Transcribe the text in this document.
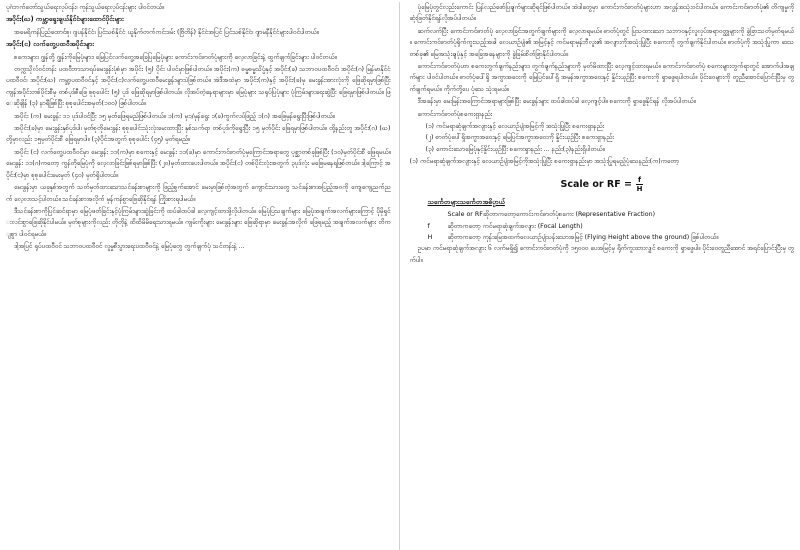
ပုဂံဘက်တော်သွယ်ရေးလုပ်ငန်း၊ ကုန်သွယ်ရေးလုပ်ငန်းများ ပါဝင်တယ်။

အပိုင်း(ဃ) ကမ္ဘာ့ရွေးချယ်နိုင်ငံများထောင်ပိုင်းများ

အမေရိကန်ပြည်ထောင်စု၊ ဂျပန်နိုင်ငံ၊ ပြင်သစ်နိုင်ငံ ယူနိုက်တက်ကင်းဒမ်း (ဗြိတိန်) နိုင်ငံအပြင် ပြင်သစ်နိုင်ငံ၊ ဂျာမနီနိုင်ငံများပါဝင်ပါတယ်။

အပိုင်း(င) လက်တွေ့ပထဝီအပိုင်းများ

စကေးများ၊ ဂျွန်တို့ ဂျွန်းကိုမြေပုံများ၊ မြေပြင်လက်တွေ့အခြေပြမြေပုံများ ကောင်းကင်ဓာတ်ပုံများကို လေ့လာခြင်းနဲ့ ထွက်ချက်ခြင်းများ ပါဝင်တယ်။

တက္ကသိုလ်ဝင်တန်း ပထဝီဘာသာရပ်မေးခွန်းပုံစံမှာ အပိုင်း (၅) ပိုင်း ပါဝင်မှာဖြစ်ပါတယ်။ အပိုင်း(က) ဓမ္မဓမ္မသိပ္ပံနှင့် အပိုင်း(ခ) သဘာဝပထဝီဝင်၊ အပိုင်း(ဂ) မြန်မာနိုင်ငံပထဝီဝင်၊ အပိုင်း(ဃ) ကမ္ဘာ့ပထဝီဝင်နှင့် အပိုင်း(င)လက်တွေ့ပထဝီမေးခွန်းများပဲဖြစ်တယ်။ အဲဒီအထဲမှာ အပိုင်း(က)နှင့် အပိုင်း(ခ)မှ မေးခွန်းအားလုံးကို ဖြေဆိုရမှာဖြစ်ပြီး ကျန်အပိုင်းတစ်ပိုင်းစီမှ တစ်ပုဒ်စီဖြေ စုစုပေါင်း (၅) ပုဒ် ဖြေဆိုရမှာဖြစ်ပါတယ်။ လိုအပ်တဲ့နေရာများမှာ မြေပုံများ သရုပ်ပြပုံများ ပုံကြမ်းများရေးဆွဲပြီး ဖြေရမှာဖြစ်ပါတယ်။ ဖြေဆိုချိန် (၃) နာရီဖြစ်ပြီး စုစုပေါင်းအမှတ်(၁၀၀) ဖြစ်ပါတယ်။

အပိုင်း (က) မေးခွန်း ၁၁ ပုဒ်ပါဝင်ပြီး ၁၅ မှတ်ဖြေရမည်ဖြစ်ပါတယ်။ ၁(က) မှ၁/မှန်ရွေး ၁(ခ)ကွက်လပ်ဖြည့် ၁(ဂ) အဖြေမှန်ရွေးပြီးဖြစ်ပါတယ်။

အပိုင်း(ခ)မှာ မေးခွန်းနှစ်ပုဒ်ပါ၊ မှတ်စုတိုမေးခွန်း စုစုပေါင်းသုံးလုံးမေးထားပြီး နှစ်သက်ရာ တစ်ပုဒ်ကိုရွေးပြီး ၁၅ မှတ်ပိုင်း ဖြေရမှာဖြစ်ပါတယ်။ ထို့နည်းတူ အပိုင်း(ဂ) (ဃ)တို့မှာလည်း ၁၅မှတ်ပိုင်းစီ ဖြေရမှာပါ။ (၃)ပိုင်းအတွက် စုစုပေါင်း (၄၅) မှတ်ရမည်။

အပိုင်း (င) လက်တွေ့ပထဝီဝင်မှာ မေးခွန်း ၁၁(က)မှာ စကေးနှင့် မေးခွန်း ၁၁(ခ)မှာ ကောင်းကင်ဓာတ်ပုံမှကြောင်းအရာတွေ ပုစ္ဆာတစ်ခုဖြစ်ပြီး (၁၀)မှတ်ပိုင်းစီ ဖြေရမယ်။ မေးခွန်း ၁၁(ဂ)ကတော့ ကွန်တိုမြေပုံကို လေ့လာခြင်းဖြစ်ရမှာဖြစ်ပြီး (၂၀)မှတ်ထားပေးပါတယ်။ အပိုင်း(င) တစ်ပိုင်းလုံးအတွက် ၃ပုဒ်လုံး မဖြေမနေရဖြစ်တယ်။ ဒါ့ကြောင့် အပိုင်း(င)မှာ စုစုပေါင်းမေးမှတ် (၄၀) မှတ်ရှိပါတယ်။

မေးခွန်းမှာ ယခုနှစ်အတွက် သတ်မှတ်ထားသောသင်ခန်းစာများကို ဖြည့်စွက်အောင် မေးမှာဖြစ်တဲ့အတွက် ကျောင်းသားတွေ သင်ခန်းစာအပြည့်အဝကို ကျေကျေညက်ညက် လေ့လာသင့်ပါတယ်။ သင်ခန်းစာအလိုက် မှန်ကန်စွာဖြေဆိုနိုင်ရန် ကြိုးစားရပါမယ်။

ဒီသင်ခန်းစာကိုပြင်ဆင်ရာမှာ မြေပုံဖတ်ခြင်းနှင့်ပုံကြမ်းများဆွဲခြင်းကို ထပ်ခါထပ်ခါ လေ့ကျင့်ထားဖို့လိုပါတယ်။ မြေပုံပြသချက်များ မြေပုံအချက်အလက်များကြောင့် ပိုမိုရှင်းလင်းစွာဖြေဆိုနိုင်ပါမယ်။ မှတ်စုများကိုလည်း တိုတိုနဲ့ ထိထိမိမိရေးသားရမယ်။ ကျမ်းကိုးများ မေးခွန်းများ ဖြေဆိုရာမှာ မေးခွန်းအလိုက် ဖြေရမည့် အချက်အလက်များ တိကျစွာ ပါဝင်ရမယ်။

ဒါ့အပြင် ရုပ်ပထဝီဝင် သဘာဝပထဝီဝင် လူမှုစီးပွားရေးပထဝီဝင်နဲ့ မြေပုံတွေ တွက်ချက်ပုံ သင်တန်းနဲ့ ...

ပုံမြေပုံတွင်လည်းကောင်း ပြန်လည်ဖော်ပြချက်များဆိုရင်ဖြစ်ပါတယ်။ အဲဒါတွေမှာ ကောင်းကင်ဓာတ်ပုံများဟာ အလွန်အသုံးဝင်ပါတယ်။ ကောင်းကင်ဓာတ်ပုံ၏ တိကျမှုကို ဆုံးဖြတ်နိုင်ရန်လိုအပ်ပါတယ်။

ဆက်လက်ပြီး ကောင်းကင်ဓာတ်ပုံ လေ့လာခြင်းအတွက်ချက်များကို လေ့လာရမယ်။ ဓာတ်ပုံတွင် ပြသထားသော သဘာဝနှင့်လူလုပ်အရာဝတ္ထုများကို ခွဲခြားသတ်မှတ်ရမယ်။ ကောင်းကင်ဓာတ်ပုံရိုက်ကူးသည့်အခါ လေယာဉ်ပျံ၏ အမြင့်နှင့် ကင်မရာမှန်ဘီလူး၏ အလျားကိုအသုံးပြုပြီး စကေးကို တွက်ချက်နိုင်ပါတယ်။ ဓာတ်ပုံကို အသုံးပြုကာ ဒေသတစ်ခု၏ မြေအသုံးချပုံနှင့် အခြေအနေများကို ခွဲခြမ်းစိတ်ဖြာနိုင်ပါတယ်။

ကောင်းကင်ဓာတ်ပုံဟာ စကေးတွက်ချက်နည်းများ၊ တွက်ချက်နည်းများကို မှတ်မိထားပြီး လေ့ကျင့်ထားရမယ်။ ကောင်းကင်ဓာတ်ပုံ စကေးများတွက်ရာတွင် အောက်ပါအချက်များ ပါဝင်ပါတယ်။ ဓာတ်ပုံပေါ်ရှိ အကွာအဝေးကို မြေပြင်ပေါ်ရှိ အမှန်အကွာအဝေးနှင့် နှိုင်းယှဉ်ပြီး စကေးကို ရှာဖွေရပါတယ်။ ပိုင်းဝေများကို တူညီအောင်ပြောင်းပြီးမှ တွက်ချက်ရမယ်။ ကိုက်တို့ပေ ပုံသေ သုံးရမယ်။

ဒီအခန်းမှာ မေးမြန်းအကြောင်းအရာများဖြစ်ပြီး မေးခွန်းများ ထပ်ခါထပ်ခါ လေ့ကျင့်ပါ။ စကေးကို ရှာဖွေနိုင်ရန် လိုအပ်ပါတယ်။

ကောင်းကင်ဓာတ်ပုံစကေးရှာနည်း

(၁) ကင်မရာဆုံချက်အလျားနှင့် လေယာဉ်ပျံအမြင့်ကို အသုံးပြုပြီး စကေးရှာနည်း
(၂) ဓာတ်ပုံပေါ်ရှိအကွာအဝေးနှင့် မြေပြင်အကွာအဝေးကို နှိုင်းယှဉ်ပြီး စကေးရှာနည်း
(၃) ကောင်းသောမြေပုံနှင့်နှိုင်းယှဉ်ပြီး စကေးရှာနည်း ... နည်း(၃)နည်းရှိပါတယ်။

(၁) ကင်မရာဆုံချက်အလျားနှင့် လေယာဉ်ပျံအမြင့်ကိုအသုံးပြုပြီး စကေးရှာနည်းမှာ အသုံးပြုရမည့်ပုံသေနည်း(က)ကတော့

Scale or RF = $\frac{f}{H}$

သင်္ကေတများသင်္ကေတအဓိပ္ပာယ်

Scale or RFဆိုတာကတော့ကောင်းကင်ဓာတ်ပုံစကေး (Representative Fraction)
f	ဆိုတာကတော့ ကင်မရာဆုံချက်အလျား (Focal Length)
H	ဆိုတာကတော့ ကုန်းမြေအထက်လေယာဉ်ပျံသန်းသောအမြင့် (Flying Height above the ground) ဖြစ်ပါတယ်။

ဥပမာ ကင်မရာဆုံချက်အလျား ၆ လက်မရှိ၍ ကောင်းကင်ဓာတ်ပုံကို ၁၅၀၀၀ ပေအမြင့်မှ ရိုက်ကူးထားလျှင် စကေးကို ရှာဖွေပါ။ ပိုင်းဝေတူညီအောင် အရင်ပြောင်းပြီးမှ တွက်ပါ။
